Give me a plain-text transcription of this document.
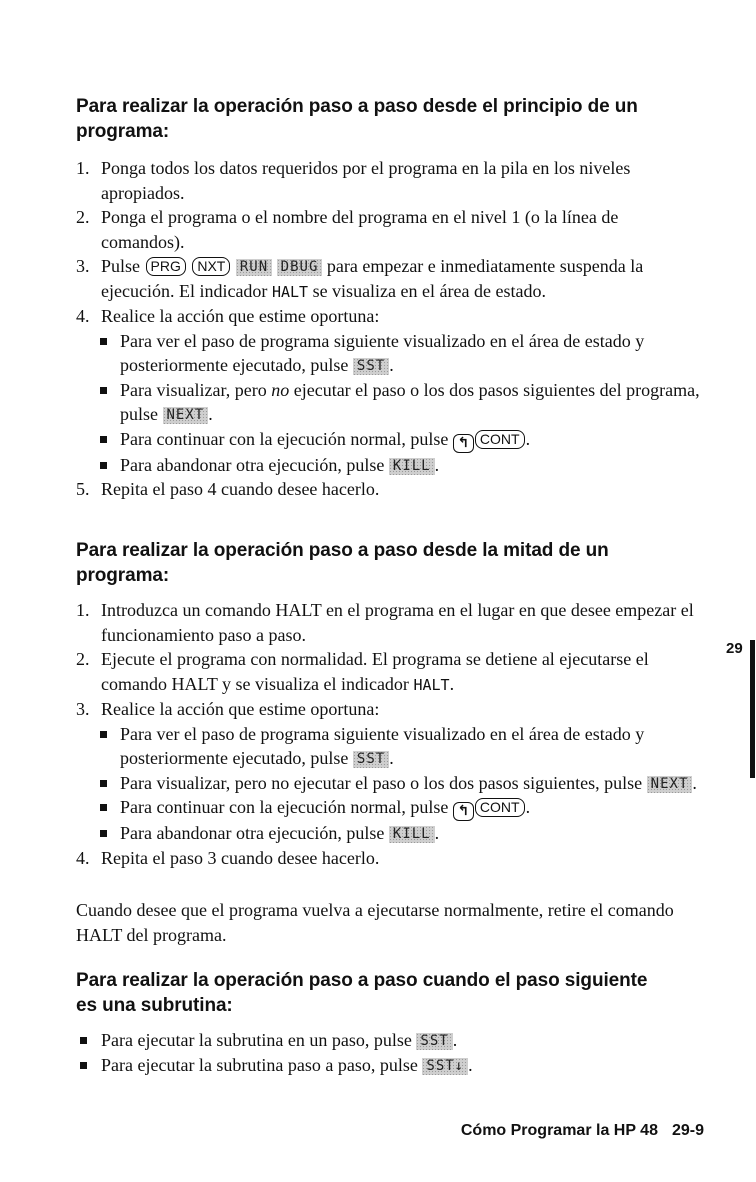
Para realizar la operación paso a paso desde el principio de un
programa:
1. Ponga todos los datos requeridos por el programa en la pila en los niveles apropiados.
2. Ponga el programa o el nombre del programa en el nivel 1 (o la línea de comandos).
3. Pulse PRG NXT RUN DBUG para empezar e inmediatamente suspenda la ejecución. El indicador HALT se visualiza en el área de estado.
4. Realice la acción que estime oportuna:
Para ver el paso de programa siguiente visualizado en el área de estado y posteriormente ejecutado, pulse SST .
Para visualizar, pero no ejecutar el paso o los dos pasos siguientes del programa, pulse NEXT .
Para continuar con la ejecución normal, pulse ↰ CONT .
Para abandonar otra ejecución, pulse KILL .
5. Repita el paso 4 cuando desee hacerlo.
Para realizar la operación paso a paso desde la mitad de un
programa:
1. Introduzca un comando HALT en el programa en el lugar en que desee empezar el funcionamiento paso a paso.
2. Ejecute el programa con normalidad. El programa se detiene al ejecutarse el comando HALT y se visualiza el indicador HALT.
3. Realice la acción que estime oportuna:
Para ver el paso de programa siguiente visualizado en el área de estado y posteriormente ejecutado, pulse SST .
Para visualizar, pero no ejecutar el paso o los dos pasos siguientes, pulse NEXT .
Para continuar con la ejecución normal, pulse ↰ CONT .
Para abandonar otra ejecución, pulse KILL .
4. Repita el paso 3 cuando desee hacerlo.
Cuando desee que el programa vuelva a ejecutarse normalmente, retire el comando HALT del programa.
Para realizar la operación paso a paso cuando el paso siguiente
es una subrutina:
Para ejecutar la subrutina en un paso, pulse SST .
Para ejecutar la subrutina paso a paso, pulse SST↓ .
29
Cómo Programar la HP 48 29-9
